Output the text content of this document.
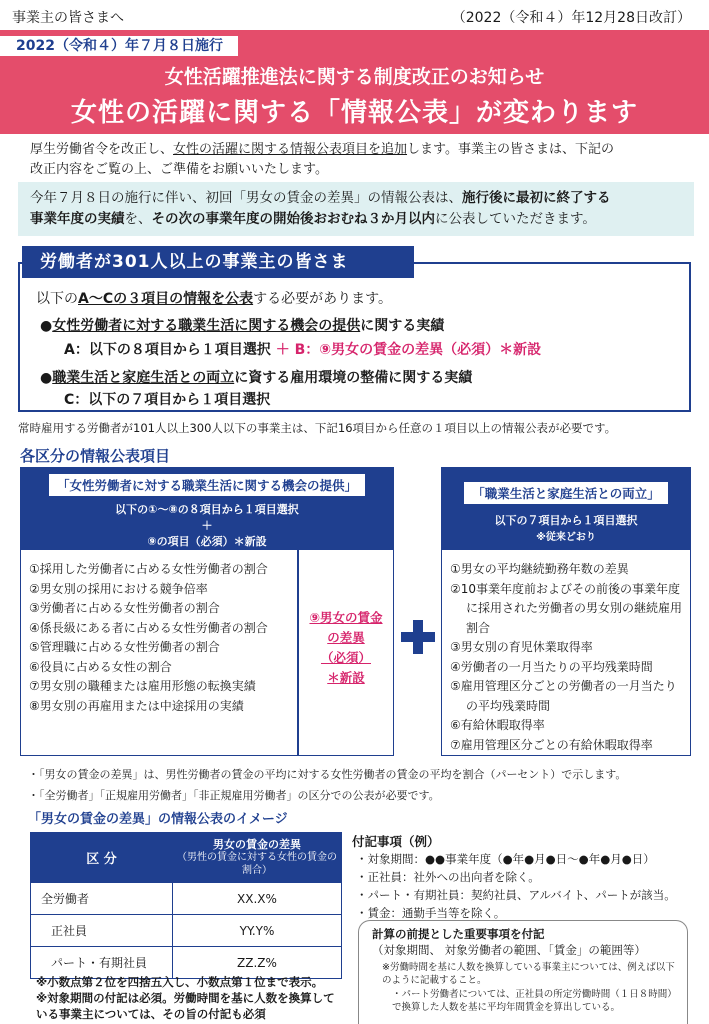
事業主の皆さまへ	（2022（令和４）年12月28日改訂）
2022（令和４）年７月８日施行
女性活躍推進法に関する制度改正のお知らせ
女性の活躍に関する「情報公表」が変わります
厚生労働省令を改正し、女性の活躍に関する情報公表項目を追加します。事業主の皆さまは、下記の
改正内容をご覧の上、ご準備をお願いいたします。
今年７月８日の施行に伴い、初回「男女の賃金の差異」の情報公表は、施行後に最初に終了する
事業年度の実績を、その次の事業年度の開始後おおむね３か月以内に公表していただきます。
労働者が301人以上の事業主の皆さま
以下のA～Cの３項目の情報を公表する必要があります。
●女性労働者に対する職業生活に関する機会の提供に関する実績
A：以下の８項目から１項目選択 ＋ B：⑨男女の賃金の差異（必須）＊新設
●職業生活と家庭生活との両立に資する雇用環境の整備に関する実績
C：以下の７項目から１項目選択
常時雇用する労働者が101人以上300人以下の事業主は、下記16項目から任意の１項目以上の情報公表が必要です。
各区分の情報公表項目
「女性労働者に対する職業生活に関する機会の提供」
以下の①～⑧の８項目から１項目選択
＋
⑨の項目（必須）＊新設
①採用した労働者に占める女性労働者の割合
②男女別の採用における競争倍率
③労働者に占める女性労働者の割合
④係長級にある者に占める女性労働者の割合
⑤管理職に占める女性労働者の割合
⑥役員に占める女性の割合
⑦男女別の職種または雇用形態の転換実績
⑧男女別の再雇用または中途採用の実績
⑨男女の賃金
の差異
（必須）
＊新設
「職業生活と家庭生活との両立」
以下の７項目から１項目選択
※従来どおり
①男女の平均継続勤務年数の差異
②10事業年度前およびその前後の事業年度に採用された労働者の男女別の継続雇用割合
③男女別の育児休業取得率
④労働者の一月当たりの平均残業時間
⑤雇用管理区分ごとの労働者の一月当たりの平均残業時間
⑥有給休暇取得率
⑦雇用管理区分ごとの有給休暇取得率
・「男女の賃金の差異」は、男性労働者の賃金の平均に対する女性労働者の賃金の平均を割合（パーセント）で示します。
・「全労働者」「正規雇用労働者」「非正規雇用労働者」の区分での公表が必要です。
「男女の賃金の差異」の情報公表のイメージ
区 分	男女の賃金の差異
（男性の賃金に対する女性の賃金の割合）

全労働者	XX.X%
正社員	YY.Y%
パート・有期社員	ZZ.Z%
※小数点第２位を四捨五入し、小数点第１位まで表示。
※対象期間の付記は必須。労働時間を基に人数を換算している事業主については、その旨の付記も必須
付記事項（例）
・対象期間：●●事業年度（●年●月●日～●年●月●日）
・正社員：社外への出向者を除く。
・パート・有期社員：契約社員、アルバイト、パートが該当。
・賃金：通勤手当等を除く。
計算の前提とした重要事項を付記
（対象期間、 対象労働者の範囲、「賃金」の範囲等）
※労働時間を基に人数を換算している事業主については、例えば以下のように記載すること。
・パート労働者については、正社員の所定労働時間（１日８時間）で換算した人数を基に平均年間賃金を算出している。
